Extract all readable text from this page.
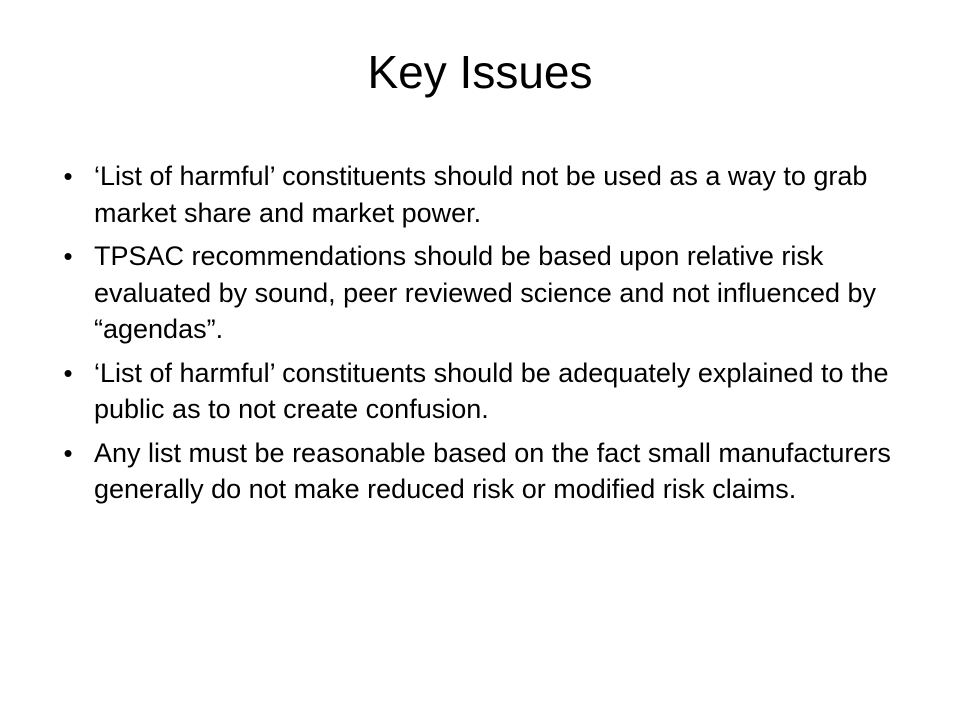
Key Issues
• ‘List of harmful’ constituents should not be used as a way to grab market share and market power.
• TPSAC recommendations should be based upon relative risk evaluated by sound, peer reviewed science and not influenced by “agendas”.
• ‘List of harmful’ constituents should be adequately explained to the public as to not create confusion.
• Any list must be reasonable based on the fact small manufacturers generally do not make reduced risk or modified risk claims.
